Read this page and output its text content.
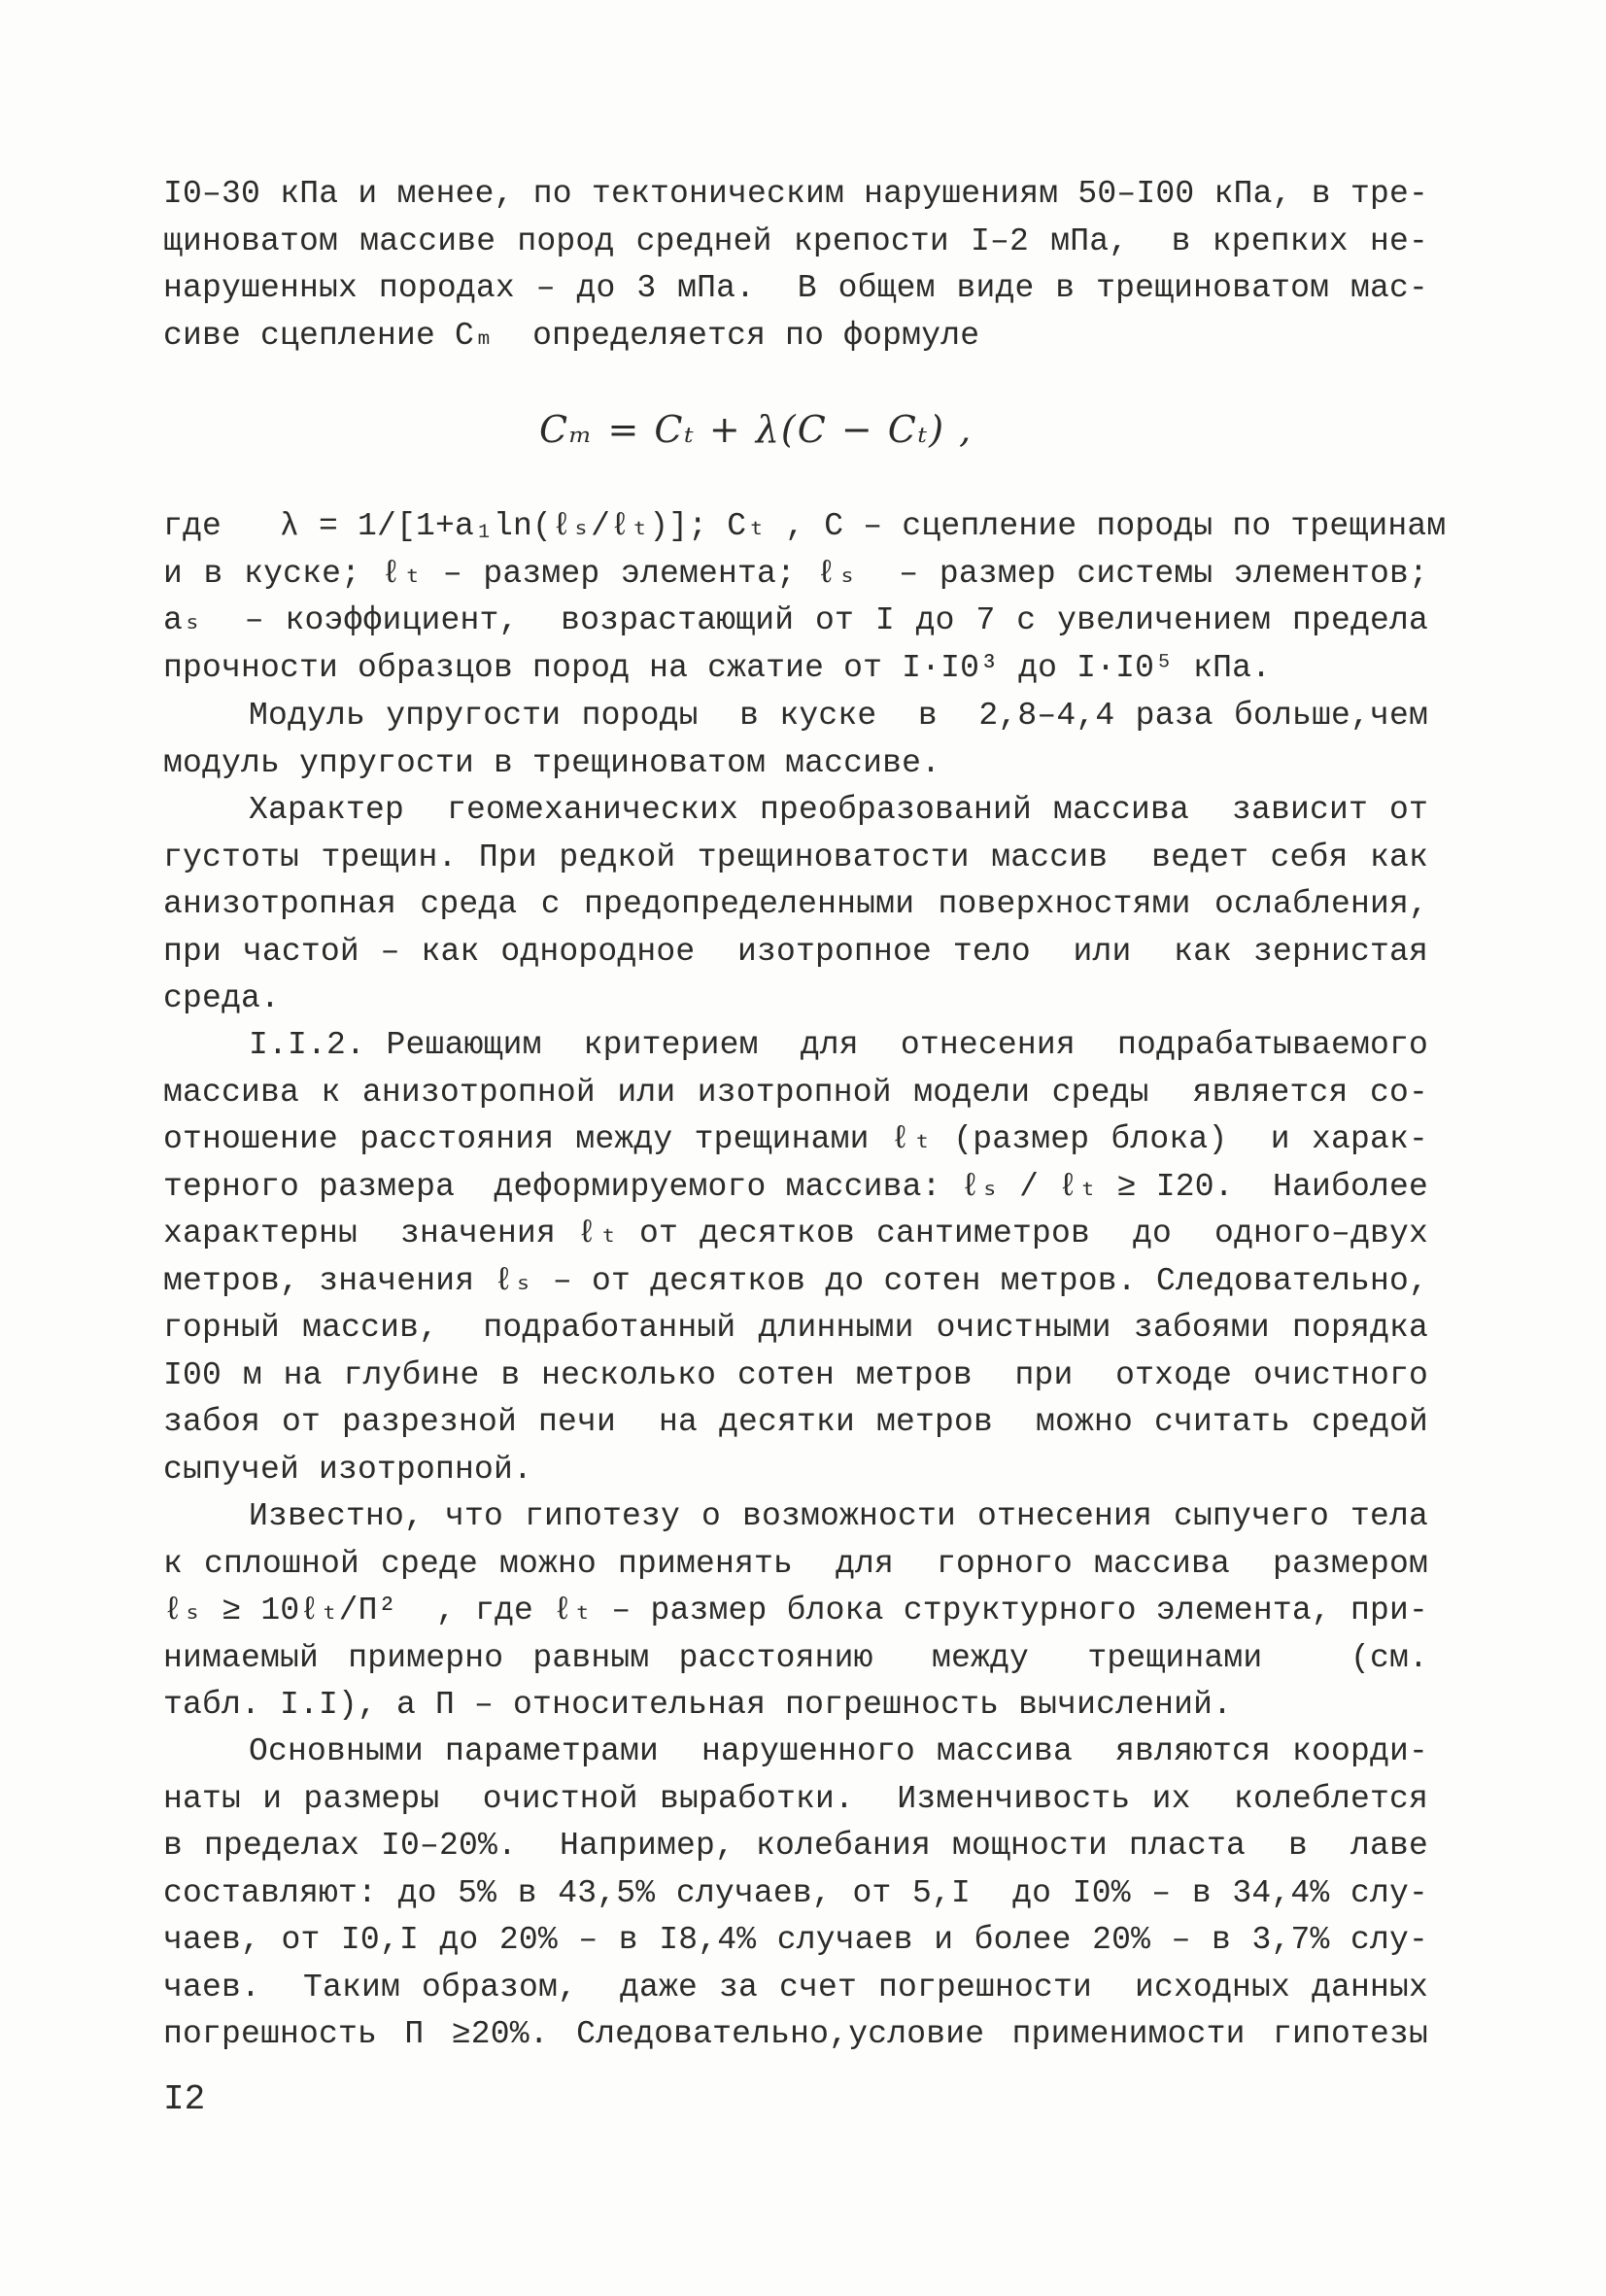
I0–30 кПа и менее, по тектоническим нарушениям 50–I00 кПа, в тре-
щиноватом массиве пород средней крепости I–2 мПа,  в крепких не-
нарушенных породах – до 3 мПа.  В общем виде в трещиноватом мас-
сиве сцепление Cₘ  определяется по формуле
Cₘ = Cₜ + λ(C − Cₜ) ,
где   λ = 1/[1+a₁ln(ℓₛ/ℓₜ)]; Cₜ , C – сцепление породы по трещинам
и в куске; ℓₜ – размер элемента; ℓₛ  – размер системы элементов;
aₛ  – коэффициент,  возрастающий от I до 7 с увеличением предела
прочности образцов пород на сжатие от I·I0³ до I·I0⁵ кПа.
Модуль упругости породы  в куске  в  2,8–4,4 раза больше,чем
модуль упругости в трещиноватом массиве.
Характер  геомеханических преобразований массива  зависит от
густоты трещин. При редкой трещиноватости массив  ведет себя как
анизотропная среда с предопределенными поверхностями ослабления,
при частой – как однородное  изотропное тело  или  как зернистая
среда.
I.I.2. Решающим  критерием  для  отнесения  подрабатываемого
массива к анизотропной или изотропной модели среды  является со-
отношение расстояния между трещинами ℓₜ (размер блока)  и харак-
терного размера  деформируемого массива: ℓₛ / ℓₜ ≥ I20.  Наиболее
характерны  значения ℓₜ от десятков сантиметров  до  одного–двух
метров, значения ℓₛ – от десятков до сотен метров. Следовательно,
горный массив,  подработанный длинными очистными забоями порядка
I00 м на глубине в несколько сотен метров  при  отходе очистного
забоя от разрезной печи  на десятки метров  можно считать средой
сыпучей изотропной.
Известно, что гипотезу о возможности отнесения сыпучего тела
к сплошной среде можно применять  для  горного массива  размером
ℓₛ ≥ 10ℓₜ/П²  , где ℓₜ – размер блока структурного элемента, при-
нимаемый примерно равным расстоянию  между  трещинами   (см.
табл. I.I), а П – относительная погрешность вычислений.
Основными параметрами  нарушенного массива  являются коорди-
наты и размеры  очистной выработки.  Изменчивость их  колеблется
в пределах I0–20%.  Например, колебания мощности пласта  в  лаве
составляют: до 5% в 43,5% случаев, от 5,I  до I0% – в 34,4% слу-
чаев, от I0,I до 20% – в I8,4% случаев и более 20% – в 3,7% слу-
чаев.  Таким образом,  даже за счет погрешности  исходных данных
погрешность П ≥20%. Следовательно,условие применимости гипотезы
I2
